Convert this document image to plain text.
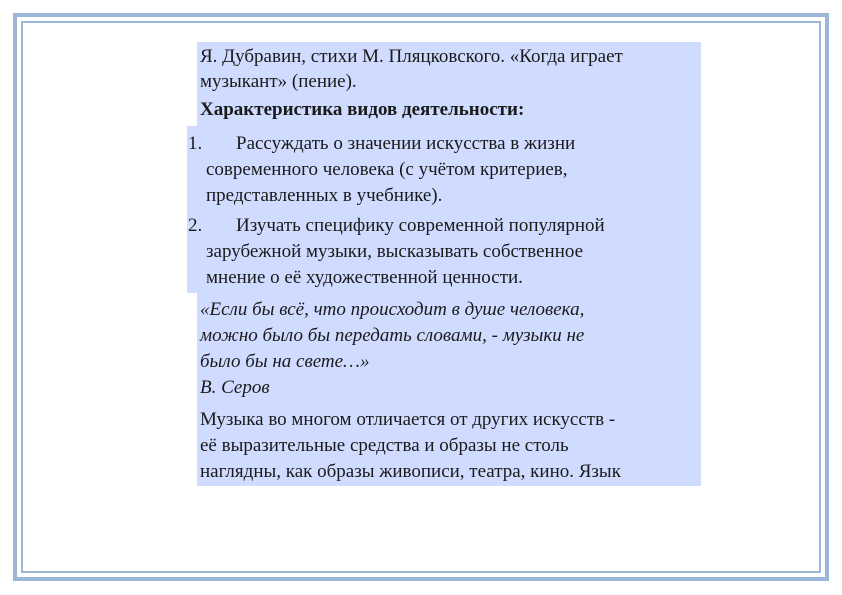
Я. Дубравин, стихи М. Пляцковского. «Когда играет
музыкант» (пение).
Характеристика видов деятельности:
1. Рассуждать о значении искусства в жизни
современного человека (с учётом критериев,
представленных в учебнике).
2. Изучать специфику современной популярной
зарубежной музыки, высказывать собственное
мнение о её художественной ценности.
«Если бы всё, что происходит в душе человека,
можно было бы передать словами, - музыки не
было бы на свете…»
В. Серов
Музыка во многом отличается от других искусств -
её выразительные средства и образы не столь
наглядны, как образы живописи, театра, кино. Язык
